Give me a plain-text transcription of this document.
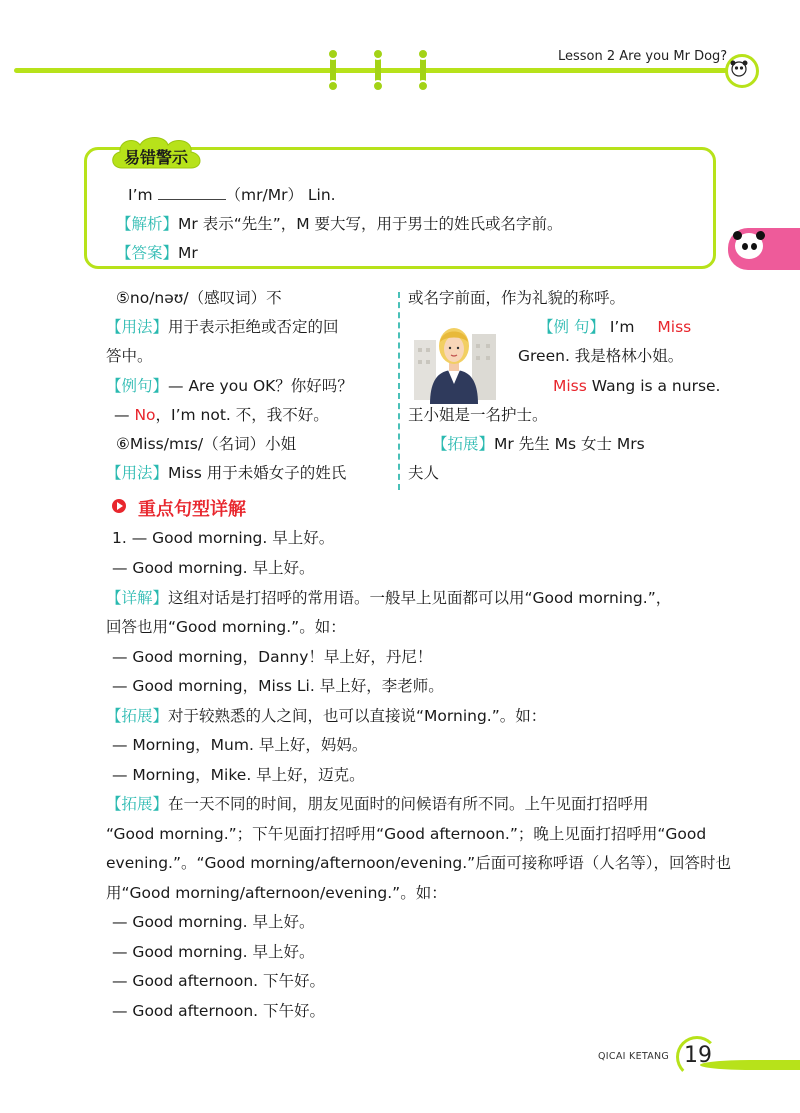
Lesson 2 Are you Mr Dog?
易错警示
I’m	（mr/Mr） Lin.
【解析】Mr 表示“先生”，M 要大写，用于男士的姓氏或名字前。
【答案】Mr
⑤no/nəʊ/（感叹词）不
【用法】用于表示拒绝或否定的回
答中。
【例句】— Are you OK？你好吗？
— No，I’m not. 不，我不好。
⑥Miss/mɪs/（名词）小姐
【用法】Miss 用于未婚女子的姓氏
或名字前面，作为礼貌的称呼。
【例 句】 I’m Miss
Green. 我是格林小姐。
Miss Wang is a nurse.
王小姐是一名护士。
【拓展】Mr 先生 Ms 女士 Mrs
夫人
重点句型详解
1. — Good morning. 早上好。
— Good morning. 早上好。
【详解】这组对话是打招呼的常用语。一般早上见面都可以用“Good morning.”，
回答也用“Good morning.”。如：
— Good morning，Danny！早上好，丹尼！
— Good morning，Miss Li. 早上好，李老师。
【拓展】对于较熟悉的人之间，也可以直接说“Morning.”。如：
— Morning，Mum. 早上好，妈妈。
— Morning，Mike. 早上好，迈克。
【拓展】在一天不同的时间，朋友见面时的问候语有所不同。上午见面打招呼用
“Good morning.”；下午见面打招呼用“Good afternoon.”；晚上见面打招呼用“Good
evening.”。“Good morning/afternoon/evening.”后面可接称呼语（人名等），回答时也
用“Good morning/afternoon/evening.”。如：
— Good morning. 早上好。
— Good morning. 早上好。
— Good afternoon. 下午好。
— Good afternoon. 下午好。
QICAI KETANG 19
